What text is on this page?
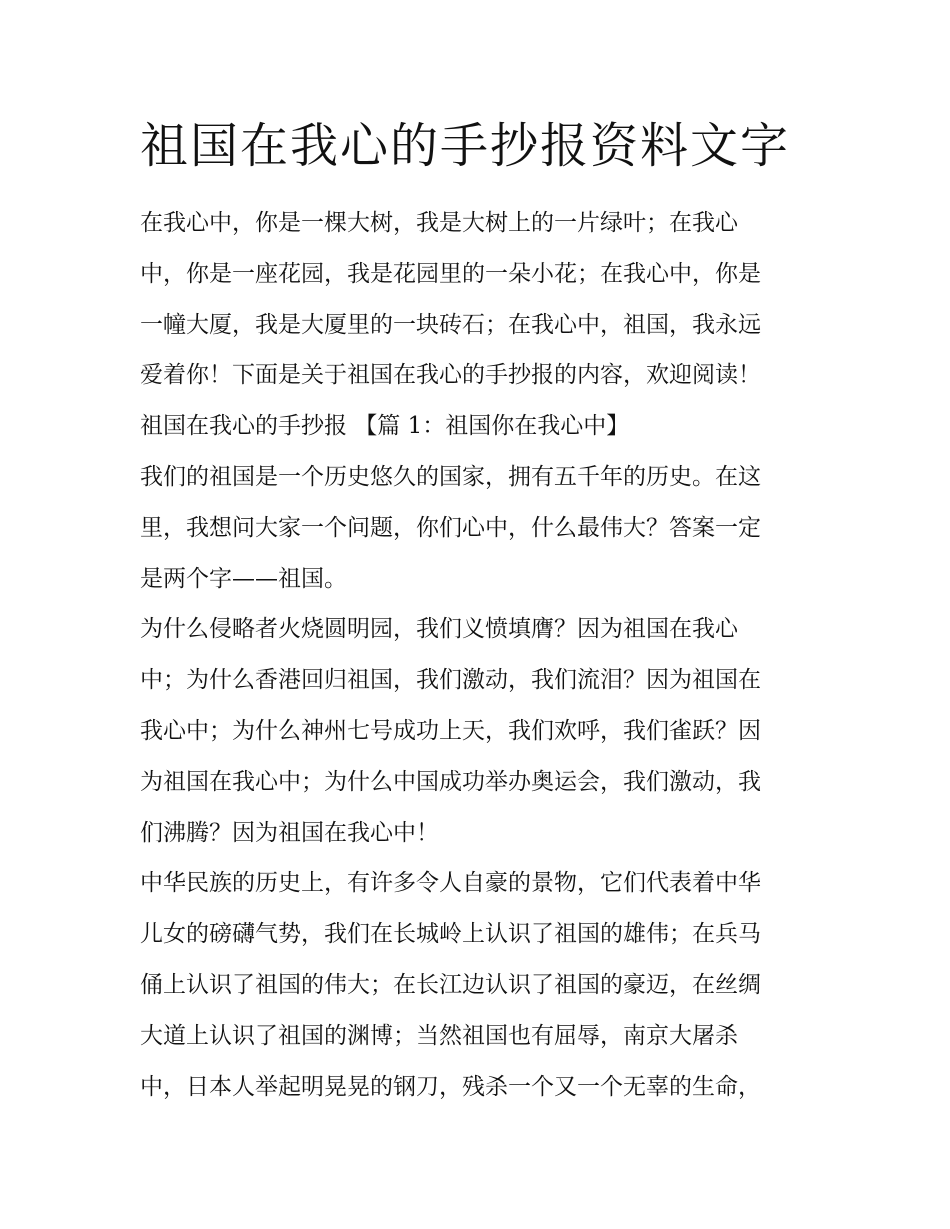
祖国在我心的手抄报资料文字
在我心中，你是一棵大树，我是大树上的一片绿叶；在我心
中，你是一座花园，我是花园里的一朵小花；在我心中，你是
一幢大厦，我是大厦里的一块砖石；在我心中，祖国，我永远
爱着你！下面是关于祖国在我心的手抄报的内容，欢迎阅读！
祖国在我心的手抄报 【篇 1：祖国你在我心中】
我们的祖国是一个历史悠久的国家，拥有五千年的历史。在这
里，我想问大家一个问题，你们心中，什么最伟大？答案一定
是两个字——祖国。
为什么侵略者火烧圆明园，我们义愤填膺？因为祖国在我心
中；为什么香港回归祖国，我们激动，我们流泪？因为祖国在
我心中；为什么神州七号成功上天，我们欢呼，我们雀跃？因
为祖国在我心中；为什么中国成功举办奥运会，我们激动，我
们沸腾？因为祖国在我心中！
中华民族的历史上，有许多令人自豪的景物，它们代表着中华
儿女的磅礴气势，我们在长城岭上认识了祖国的雄伟；在兵马
俑上认识了祖国的伟大；在长江边认识了祖国的豪迈，在丝绸
大道上认识了祖国的渊博；当然祖国也有屈辱，南京大屠杀
中，日本人举起明晃晃的钢刀，残杀一个又一个无辜的生命，
